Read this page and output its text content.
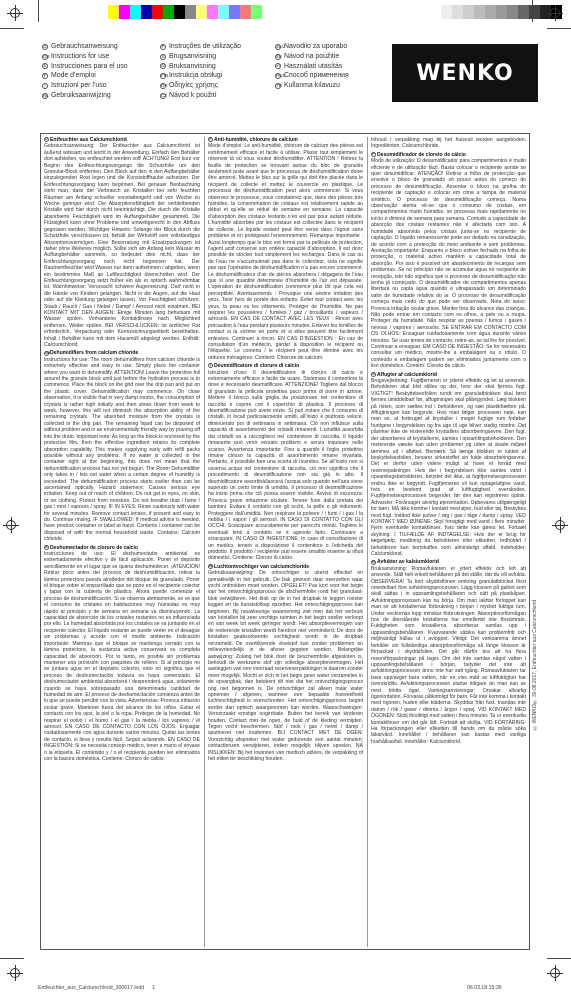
D Gebrauchsanweisung
GB Instructions for use
E Instrucciones para el uso
F Mode d’emploi
I Istruzioni per l’uso
NL Gebruiksaanwijzing
P Instruções de utilização
S Brugsanvisning
N Bruksanvisning
FIN Instrukcja obsługi
GR Οδηγίες χρήσης
CZ Návod k použití
SLO
Navodilo za uporabo
SK Návod na použitie
H Használati utasítás
RUS
Способ применения
TR Kullanma kılavuzu
WENKO
D Entfeuchter aus Calciumchlorid
Gebrauchsanweisung: Der Entfeuchter aus Calciumchlorid ist äußerst wirksam und leicht in der Anwendung. Einfach den Behälter dort aufstellen, wo entfeuchtet werden soll! ACHTUNG! Erst kurz vor Beginn des Entfeuchtungsvorgangs die Schutzfolie um den Granulat-Block entfernen. Den Block auf den in den Auffangbehälter einzulegenden Rost legen und die Kunststoffhaube aufsetzen. Der Entfeuchtungsvorgang kann beginnen. Bei genauer Beobachtung sieht man, dass der Verbrauch an Kristallen bei sehr feuchten Räumen am Anfang schneller vonstattengeht und von Woche zu Woche geringer wird. Die Absorptionsfähigkeit der verbleibenden Kristalle wird hier durch nicht beeinträchtigt. Die durch die Kristalle absorbierte Feuchtigkeit wird im Auffangbehälter gesammelt. Die Flüssigkeit kann ohne Probleme und umweltgerecht in den Abfluss gegossen werden. Wichtiger Hinweis: Solange der Block durch die Schutzfolie verschlossen ist, behält der Wirkstoff sein vollständiges Absorptionsvermögen. Eine Bevorratung mit Ersatzpackungen ist daher ohne Weiteres möglich. Sollte sich am Anfang kein Wasser im Auffangbehälter sammeln, so bedeutet dies nicht, dass der Entfeuchtungsvorgang noch nicht begonnen hat. Der Raumentfeuchter wird Wasser nur dann aufnehmen / abgeben, wenn ein bestimmtes Maß an Luftfeuchtigkeit überschritten wird. Der Entfeuchtungsvorgang setzt früher ein als er optisch wahrnehmbar ist. Warnhinweise: Verursacht schwere Augenreizung. Darf nicht in die Hände von Kindern gelangen. Nicht in die Augen, auf die Haut oder auf die Kleidung gelangen lassen. Vor Feuchtigkeit schützen. Staub / Rauch / Gas / Nebel / Dampf / Aerosol nicht einatmen. BEI KONTAKT MIT DEN AUGEN: Einige Minuten lang behutsam mit Wasser spülen. Vorhandene Kontaktlinsen nach Möglichkeit entfernen. Weiter spülen. BEI VERSCHLUCKEN: Ist ärztlicher Rat erforderlich, Verpackung oder Kennzeichnungsetikett bereithalten. Inhalt / Behälter kann mit dem Hausmüll abgelegt werden. Enthält: Calciumchlorid.
GBDehumidifiers from calcium chloride
Instructions for use: The room dehumidifiers from calcium chloride is extremely effective and easy to use. Simply place the container where you want to dehumidify. ATTENTION! Leave the protective foil around the granule block until just before the hydration process is to commence. Place the block on the grid over the drip pan and put on the plastic cover. Dehumidification may commence. On close observation, it is visible that in very damp rooms, the consumption of crystals is rather high initially and then slows down from week to week, however, this will not diminish the absorption ability of the remaining crystals. The absorbed moisture from the crystals is collected in the drip pan. The remaining liquid can be disposed of without problem and in an environmentally friendly way by pouring off into the drain. Important note: As long as the block is enclosed by the protective film, then the effective ingredient retains its complete absorption capability. This makes supplying early with refill packs possible without any problems. If no water is collected in the container right at the beginning, this does not mean that the dehumidification process has not yet begun. The Room Dehumidifier only takes in / lets out water when a certain degree of humidity is exceeded. The dehumidification process starts earlier than can be ascertained optically. Hazard statement: Causes serious eye irritation. Keep out of reach of children. Do not get in eyes, on skin, or on clothing. Protect from moisture. Do not breathe dust / fume / gas / mist / vapours / spray. IF IN EYES: Rinse cautiously with water for several minutes. Remove contact lenses, if present and easy to do. Continue rinsing. IF SWALLOWED: If medical advice is needed, have product container or label at hand. Contents / container can be disposed of with the normal household waste. Contains: Calcium chloride.
E Deshumectador de cloruro de calcio
Instrucciones de uso: El deshumectador ambiental es extremadamente efectivo y de fácil aplicación. Poner el depósito sencillamente en el lugar que se quiera deshumedecer. ¡ATENCIÓN! Retirar poco antes del proceso de deshumidificación, retirar la lámina protectora puesta alrededor del bloque de granulado. Poner el bloque sobre el emparrillado que se pone en el recipiente colector y tapar con la cubierta de plástico. Ahora puede comenzar el proceso de deshumidificación. Si se observa atentamente, se ve que el consumo de cristales en habitaciones muy húmedas es muy rápido al principio y de semana en semana va disminuyendo. La capacidad de absorción de los cristales restantes no es influenciada por ello. La humedad absorbida por los cristales se va juntando en el recipiente colector. El líquido restante se puede verter en el desagüe sin problemas y acorde con el medio ambiente. Indicación importante: Mientras que el bloque se mantenga cerrado con la lámina protectora, la sustancia activa conservará su completa capacidad de absorción. Por lo tanto, es posible sin problemas mantener una provisión con paquetes de relleno. Si al principio no se juntara agua en el depósito colector, esto no significa que el proceso de deshumectación todavía no haya comenzado. El deshumectador ambiental absorberá / desprenderá agua, solamente cuando se haya sobrepasado una determinada cantidad de humedad de aire. El proceso de deshumectación comienza antes de lo que se puede percibir con la vista. Advertencias: Provoca irritación ocular grave. Mantener fuera del alcance de los niños. Evitar el contacto con los ojos, la piel o la ropa. Proteger de la humedad. No respirar el polvo / el humo / el gas / la niebla / los vapores / el aerosol. EN CASO DE CONTACTO CON LOS OJOS: Enjuagar cuidadosamente con agua durante varios minutos. Quitar las lentes de contacto, si lleva y resulta fácil. Seguir aclarando. EN CASO DE INGESTIÓN: Si se necesita consejo médico, tener a mano el envase o la etiqueta. El contenido y / o el recipiente pueden ser eliminados con la basura doméstica. Contiene: Cloruro de calcio.
F Anti-humidité, chlorure de calcium
Mode d’emploi: Le anti-humidité, chlorure de calcium des pièces est extrêmement efficace et facile à utiliser. Placer tout simplement le réservoir là où vous voulez déshumidifier. ATTENTION ! Retirez la feuille de protection se trouvant autour du bloc de granulés seulement juste avant que le processus de déshumidification doive être amorcé. Mettez le bloc sur la grille qui doit être placée dans le récipient de collecte et mettez le couvercle en plastique. Le processus de déshumidification peut alors commencer. Si vous observez le processus, vous constaterez que, dans des pièces très humides, la consommation de cristaux est relativement rapide au début et qu’elle se réduit de semaine en semaine. La capacité d’absorption des cristaux restants n’en est par pour autant réduite. L’humidité absorbée par les cristaux est collectée dans le récipient de collecte. Le liquide restant peut être versé dans l’égout sans problème et en protégeant l’environnement. Remarque importante : Aussi longtemps que le bloc est fermé par la pellicule de protection, l’agent actif conserve son entière capacité d’absorption. Il est donc possible de stocker tout simplement les recharges. Dans le cas ou de l’eau ne s’accumulerait pas dans le collecteur, cela ne signifie pas que l’opération de déshumidification n’a pas encore commencé. Le déshumidificateur d’air de pièces absorbera / dégagera de l’eau que si une quantité déterminée d’humidité de l’air est dépassée. L’opération de déshumidification commence plus tôt que cela est perceptible. Avertissements : Provoque une sévère irritation des yeux. Tenir hors de portée des enfants. Éviter tout contact avec les yeux, la peau ou les vêtements. Protéger de l’humidité. Ne pas respirer les poussières / fumées / gaz / brouillards / vapeurs / aérosols. EN CAS DE CONTACT AVEC LES YEUX : Rincer avec précaution à l’eau pendant plusieurs minutes. Enlever les lentilles de contact si la victime en porte et si elles peuvent être facilement enlevées. Continuer à rincer. EN CAS D’INGESTION : En cas de consultation d’un médecin, garder à disposition le récipient ou l’étiquette. Le contenu / le récipient peut être éliminé avec les ordures ménagères. Contient: Chlorure de calcium.
I Deumidificatore di cloruro di calcio
Istruzioni d’uso: Il deumidificatore di cloruro di calcio è estremamente efficace e facile da usare. Sistemare il contenitore là dove è necessario deumidificare. ATTENZIONE! Togliere dal blocco di granulato la pellicola protettiva poco prima di porre in azione. Mettere il blocco sulla griglia da posizionare nel contenitore di raccolta e coprire con il coperchio di plastica. Il processo di deumidificazione può avere inizio. Si può notare che il consumo di cristalli, in locali particolarmente umidi, all’inizio è piuttosto veloce, diminuendo poi di settimana in settimana. Ciò non influisce sulla capacità di assorbimento dei cristalli rimanenti. L’umidità assorbita dai cristalli va a raccogliersi nel contenitore di raccolta. Il liquido rimanente può venir versato problemi e senza inquinare nello scarico. Avvertenza importante: Fino a quando il foglio protettivo rimane chiuso la capacità di assorbimento rimane invariata. Pertanto, è possibile fare una scorta di ricambio. Se all’inizio non si osserva acqua nel contenitore di raccolta, ciò non significa che il procedimento di deumidificazione non sia già in atto. Il deumidificatore assorbirà/lascerà l’acqua solo quando nell’aria viene superato un certo limite di umidità. Il processo di deumidificazione ha inizio prima che ciò possa essere visibile. Avviso di sicurezza: Provoca grave irritazione oculare. Tenere fuori dalla portata dei bambini. Evitare il contatto con gli occhi, la pelle o gli indumenti. Proteggere dall’umidità. Non respirare la polvere / i fumi / i gas / la nebbia / i vapori / gli aerosol. IN CASO DI CONTATTO CON GLI OCCHI: Sciacquare accuratamente per parecchi minuti. Togliere le eventuali lenti a contatto se è agevole farlo. Continuare a sciacquare. IN CASO DI INGESTIONE: In caso di consultazione di un medico, tenere a disposizione il contenitore o l’etichetta del prodotto. Il prodotto / recipiente può essere smaltito insieme ai rifiuti domestici. Contiene: Cloruro di calcio.
NLLuchtontvochtiger van calciumchloride
Gebruiksaanwijzing: De ontvochtiger is uiterst effectief en gemakkelijk in het gebruik. De bak gewoon daar neerzetten waar vocht onttrokken moet worden. OPGELET! Pas kort voor het begin van het ontvochtigingsproces de afschermfolie rond het granulaat-blok verwijderen. Het blok op de in het drupbak te leggen rooster leggen en de kunststofkap opzetten. Het ontvochtigingsproces kan beginnen. Bij nauwkeurige waarneming ziet men dat het verbruik van kristallen bij zeer vochtige ruimten in het begin sneller verloopt en van week tot week geringer wordt. Het absorptievermogen van de resterende kristallen wordt hierdoor niet verminderd. De door de kristallen geabsorbeerde vochtigheid wordt in de drupbak verzameld. De overblijvende vloeistof kan zonder problemen en milieuvriendelijk in de afvoer gegoten worden. Belangrijke aanwijzing: Zolang het blok door de beschermfolie afgesloten is, behoudt de werkzame stof zijn volledige absorptievermogen. Het aanleggen van een voorraad reserveverpakkingen is daarom zonder meer mogelijk. Mocht er zich in het begin geen water verzamelen in de opvangbak, dan betekent dit niet dat het ontvochtigingsproces nog niet begonnen is. De ontvochtiger zal alleen maar water opnemen / afgeven, wanneer een bepaalde hoeveelheid luchtvochtigheid is overschreden. Het ontvochtigingsproces begint eerder dan optisch waargenomen kan worden. Waarschuwingen: Veroorzaakt ernstige oogirritatie. Buiten het bereik van kinderen houden. Contact met de ogen, de huid of de kleding vermijden. Tegen vocht beschermen. Stof / rook / gas / nevel / damp / spuitnevel niet inademen. BIJ CONTACT MET DE OGEN: Voorzichtig afspoelen met water gedurende een aantal minuten; contactlenzen verwijderen, indien mogelijk; blijven spoelen. NA INSLIKKEN: Bij het inwinnen van medisch advies, de verpakking of het etiket ter beschikking houden.
Inhoud / verpakking mag bij het huisvuil worden aangeboden. Ingrediënten: Calciumchloride.
P Desumidificador de cloreto de cálcio
Modo de utilização: O desumidificador para compartimentos é muito eficiente e de utilização fácil. Basta colocar o recipiente aonde se quer desumidificar. ATENÇÃO! Retirar a folha de protecção que envolve o bloco de granulado só pouco antes do começo do processo de desumidificação. Assentar o bloco na grelha do recipiente de captação e colocar em cima a tampa de material sintético. O processo de desumidificação começa. Numa observação atenta vê-se que o consumo de cristais, em compartimentos muito húmidos, se processa mais rapidamente no início e diminui de semana para semana. Contudo a capacidade de absorção dos cristais restantes não é afectada com isto. A humidade absorvida pelos cristais junta-se no recipiente de captação. O líquido remanescente pode ser deitado na canalização, de acordo com a protecção do meio ambiente e sem problemas. Anotação importante: Enquanto o bloco estiver fechado na folha de protecção, o material activo mantém a capacidade total de absorção. Por isso é possível um abastecimento de recargas sem problemas. Se no princípio não se acumular água no recipiente de recepção, isto não significa que o processo de desumidificação não tenha já começado. O desumidificador de compartimentos apenas libertará ou capta água quando é ultrapassado um determinado valor de humidade relativa do ar. O processo de desumidificação começa mais cedo do que pode ser observado. Nota de aviso: Provoca irritação ocular grave. Manter fora do alcance das crianças. Não pode entrar em contacto com os olhos, a pele ou a roupa. Proteger da humidade. Não respirar as poeiras / fumos / gases / névoas / vapores / aerossóis. SE ENTRAR EM CONTACTO COM OS OLHOS: Enxaguar cuidadosamente com água durante vários minutos. Se usar lentes de contacto, retire-as, se tal lhe for possível. Continuar a enxaguar. EM CASO DE INGESTÃO: Se for necessário consultar um médico, mostre-lhe a embalagem ou o rótulo. O conteúdo e embalagem podem ser eliminados juntamente com o lixo doméstico. Contém: Cloreto de cálcio.
S Affugter af calciumklorid
Brugsvejledning: Fugtfjerneren er yderst effektiv og let at anvende. Beholderen skal blot stilles op der, hvor der skal fjernes fugt. VIGTIGT! Beskyttelsesfolien rundt om granulatblokken skal først fjernes umiddelbart før, affugtningen skal påbegyndes. Læg blokken på risten, som sættes ind i beholderen, og sæt plastikhætten på. Affugtningen kan begynde. Hvis man følger processen nøje, kan man se, at forbruget af krystaller i meget fugtige rum forløber hurtigere i begyndelsen og fra uge til uge bliver stadig mindre. Det påvirker ikke de resterende krystallers absorberingsevne. Den fugt, der absorberes af krystallerne, samles i opsamlingsbeholderen. Den resterende væske kan uden problemer og uden at skade miljøet tømmes ud i afløbet. Bemærk: Så længe blokken er lukket af beskyttelsesfolien, bevarer virkestoffet sin fulde absorberingsevne. Det er derfor uden videre muligt at have et forråd med reservepakninger. Hvis der i begyndelsen ikke samles vand i opsamlingsbeholderen, betyder det ikke, at fugtfjernelsesprocessen endnu ikke er begyndt. Fugtfjerneren vil kun optage/afgive vand, hvis en bestemt grad af luftfugtighed overskrides. Fugtfjernelsesprocessen begynder, før den kan registreres optisk. Advarsler: Forårsager alvorlig øjenirritation. Opbevares utilgængeligt for børn. Må ikke komme i kontakt med øjne, hud eller tøj. Beskyttes mod fugt. Indånd ikke pulver / røg / gas / tåge / damp / spray. VED KONTAKT MED ØJNENE: Skyl forsigtigt med vand i flere minutter. Fjern eventuelle kontaktlinser, hvis dette kan gøres let. Fortsæt skylning. I TILFÆLDE AF INDTAGELSE: Hvis der er brug for lægehjælp, medbring da beholderen eller etiketten. Indholdet / beholderen kan bortskaffes som almindeligt affald. Indeholder: Calciumklorid.
N Avfukter av kalsiumklorid
Bruksanvisning: Romavfukteren er yttert effektiv och lett att anvende. Ställ helt enkelt behållaren på det ställe, där du vill avfukta. OBSERVERA! Ta bort skyddsfilmen omkring granulatblocket först omedelbart före avfuktningsprocessen. Lägg klossen på gallret som skall sättas i in uppsamlingsbehållaren och sätt på plastkåpan. Avfuktningsprocessen kan nu börja. Om man iakttar förloppet kan man se att kristallernas förbrukning i början i mycket fuktiga rum. Under veckornas lopp minskar förbrukningen. Absorptionsförmågan hos de återstående kristallerna har emellertid inte försämrats. Fuktigheten som kristallerna absorberar samlas upp i uppsamlingsbehållaren. Kvarvarande vätska kan problemfritt och miljövänligt hällas ut i avloppet. Viktigt: Det verksamma ämnet behåller sin fullständiga absorptionsförmåga så länge klossen är förpackad i skyddsfolien. Det går därför bra att ha flera reservförpackningar på lager. Om det inte samlas något vatten i uppsamlingsbehållaren i början, betyder det inte att avfuktningsprocessen ännu inte har satt igång. Rumsavfuktaren tar bara upp/avger bara vatten, när en viss mätt av luftfuktighet har överskridits. Avfuktningsprocessen startar tidigare än man kan se med blotta ögat. Varningsanvisningar: Orsakar allvarlig ögonirritation. Förvaras oåtkomligt för barn. Får inte komma i kontakt med ögonen, huden eller kläderna. Skyddas från fukt. Inandas inte damm / rök / gaser / dimma / ångor / sprej. VID KONTAKT MED ÖGONEN: Skölj försiktigt med vatten i flera minuter. Ta ur eventuella kontaktlinser om det går lätt. Fortsätt att skölja. VID FÖRTÄRING: Ha förpackningen eller etiketten till hands om du måste söka läkarvård. Innehållet / behållaren kan kastas med vanliga hushållsavfall. Innehåller: Kalciumklorid.
© WENKO® 30.08.2017, Entfeuchter aus Calciumchlorid
Entfeuchter_aus_Calciumchlorid_300617.indd 1	06.03.18 15:36
